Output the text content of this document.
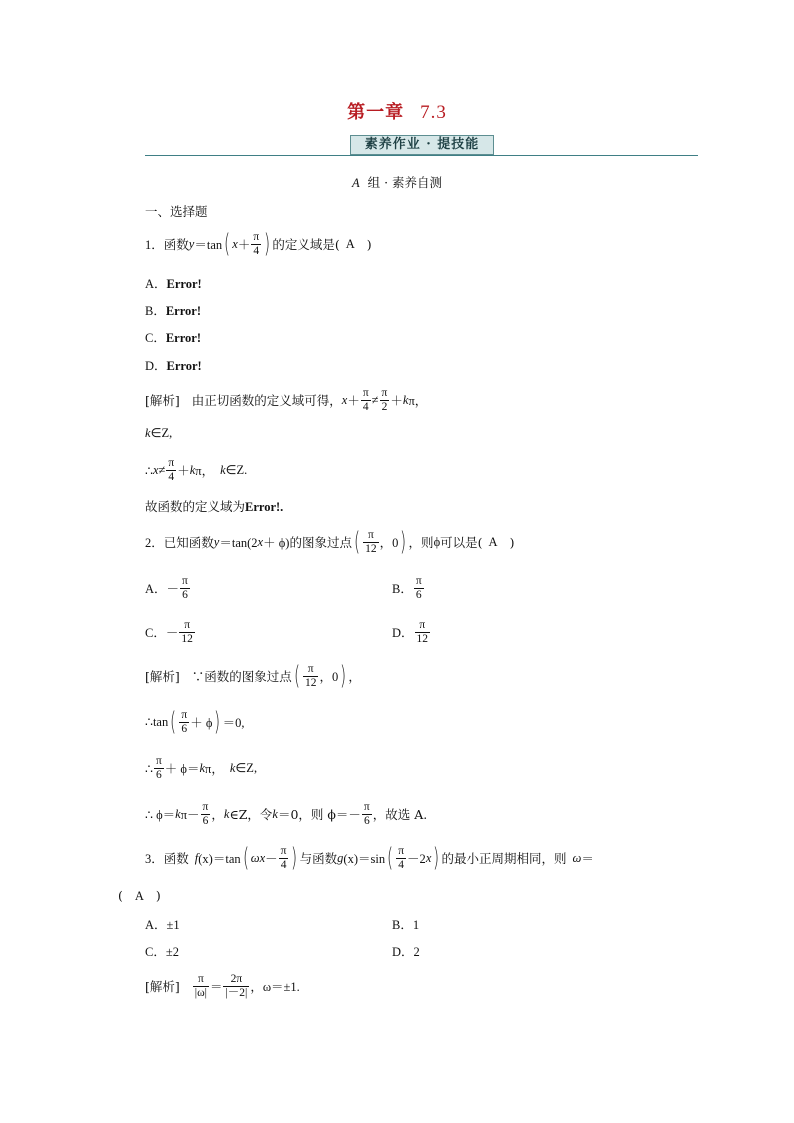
第一章 7.3
素养作业 · 提技能
A 组 · 素养自测
一、选择题
1． 函数 y ＝tan ( $x + \frac{\pi}{4}$ ) 的定义域是( A )
A．Error!
B．Error!
C．Error!
D．Error!
[解析] 由正切函数的定义域可得， $x + \frac{\pi}{4} \ne \frac{\pi}{2} + k$ π，
k∈Z,
∴ $x \ne \frac{\pi}{4} + k$ π， k ∈Z.
故函数的定义域为Error!.
2． 已知函数 y ＝tan(2 x ＋ ϕ)的图象过点 ( $\frac{\pi}{12}$ ，0 ) ，则 ϕ 可以是( A )
A． － $\frac{\pi}{6}$	B． $\frac{\pi}{6}$
C． － $\frac{\pi}{12}$	D． $\frac{\pi}{12}$
[解析] ∵函数的图象过点 ( $\frac{\pi}{12}$ ，0 ) ，
∴tan ( $\frac{\pi}{6} + \phi$ ) ＝0,
∴ $\frac{\pi}{6} + \phi= k$ π， k ∈Z,
∴ ϕ＝ k $\pi- \frac{\pi}{6}$ ， k ∈Z，令 k ＝0，则 $\phi=- \frac{\pi}{6}$ ，故选 A.
3． 函数 f (x)＝tan ( $\omega x - \frac{\pi}{4}$ ) 与函数 g (x)＝sin ( $\frac{\pi}{4} -2$ x ) 的最小正周期相同，则 ω ＝
( A )
A．±1	B．1
C．±2	D．2
[解析] $\frac{\pi}{|\omega|} = \frac{2\pi}{|-2|}$ ，ω＝±1.
